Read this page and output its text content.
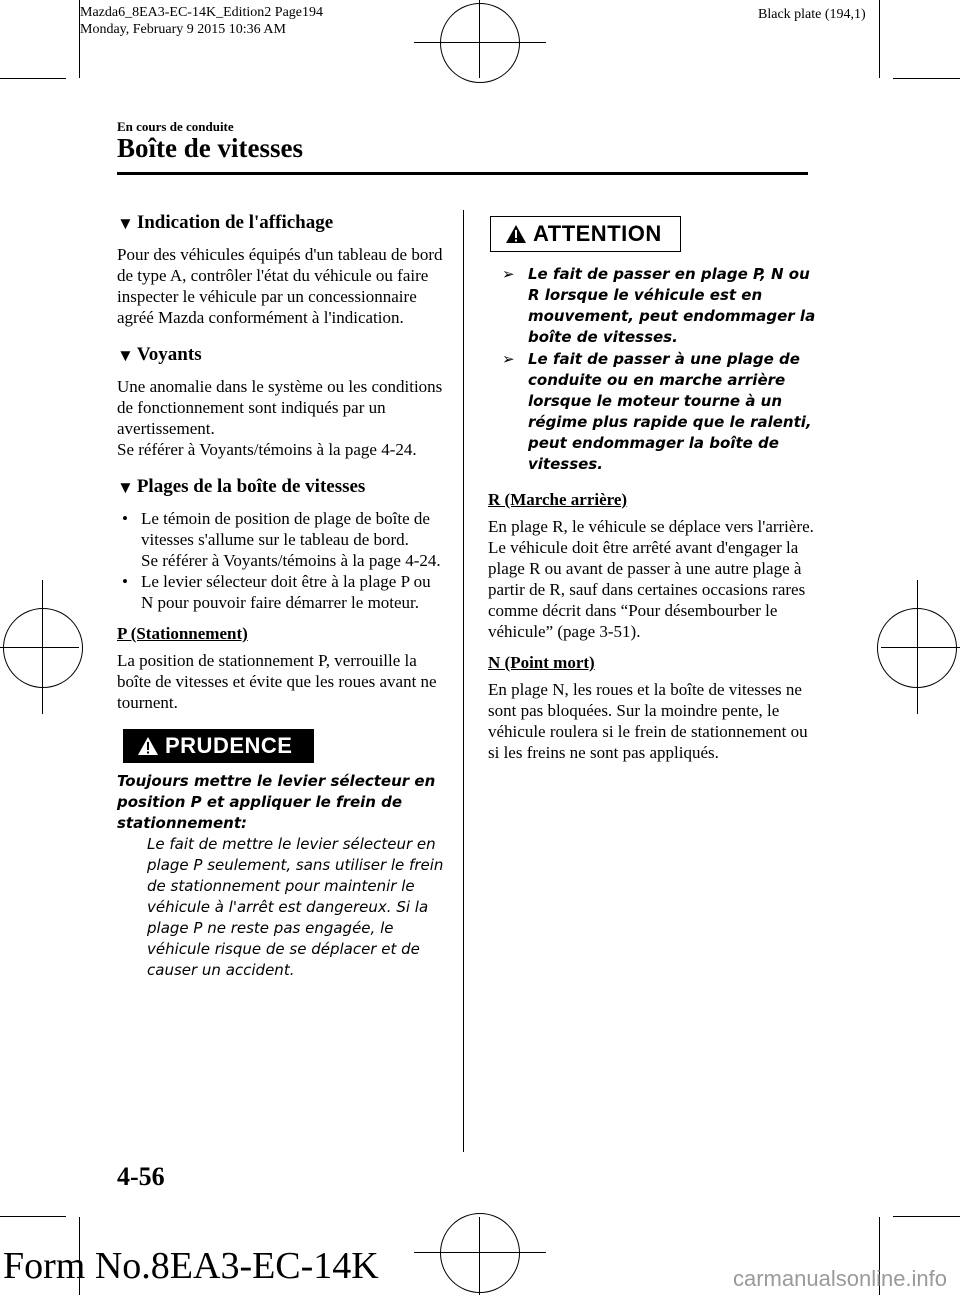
Mazda6_8EA3-EC-14K_Edition2 Page194
Monday, February 9 2015 10:36 AM
Black plate (194,1)
En cours de conduite
Boîte de vitesses
▼ Indication de l'affichage

Pour des véhicules équipés d'un tableau de bord de type A, contrôler l'état du véhicule ou faire inspecter le véhicule par un concessionnaire agréé Mazda conformément à l'indication.

▼ Voyants

Une anomalie dans le système ou les conditions de fonctionnement sont indiqués par un avertissement.

Se référer à Voyants/témoins à la page 4-24.

▼ Plages de la boîte de vitesses
• Le témoin de position de plage de boîte de vitesses s'allume sur le tableau de bord.
Se référer à Voyants/témoins à la page 4-24.
• Le levier sélecteur doit être à la plage P ou N pour pouvoir faire démarrer le moteur.

P (Stationnement)

La position de stationnement P, verrouille la boîte de vitesses et évite que les roues avant ne tournent.

PRUDENCE
Toujours mettre le levier sélecteur en position P et appliquer le frein de stationnement:
Le fait de mettre le levier sélecteur en plage P seulement, sans utiliser le frein de stationnement pour maintenir le véhicule à l'arrêt est dangereux. Si la plage P ne reste pas engagée, le véhicule risque de se déplacer et de causer un accident.
ATTENTION
➢ Le fait de passer en plage P, N ou R lorsque le véhicule est en mouvement, peut endommager la boîte de vitesses.
➢ Le fait de passer à une plage de conduite ou en marche arrière lorsque le moteur tourne à un régime plus rapide que le ralenti, peut endommager la boîte de vitesses.

R (Marche arrière)

En plage R, le véhicule se déplace vers l'arrière. Le véhicule doit être arrêté avant d'engager la plage R ou avant de passer à une autre plage à partir de R, sauf dans certaines occasions rares comme décrit dans “Pour désembourber le véhicule” (page 3-51).

N (Point mort)

En plage N, les roues et la boîte de vitesses ne sont pas bloquées. Sur la moindre pente, le véhicule roulera si le frein de stationnement ou si les freins ne sont pas appliqués.

4-56
Form No.8EA3-EC-14K	carmanualsonline.info
